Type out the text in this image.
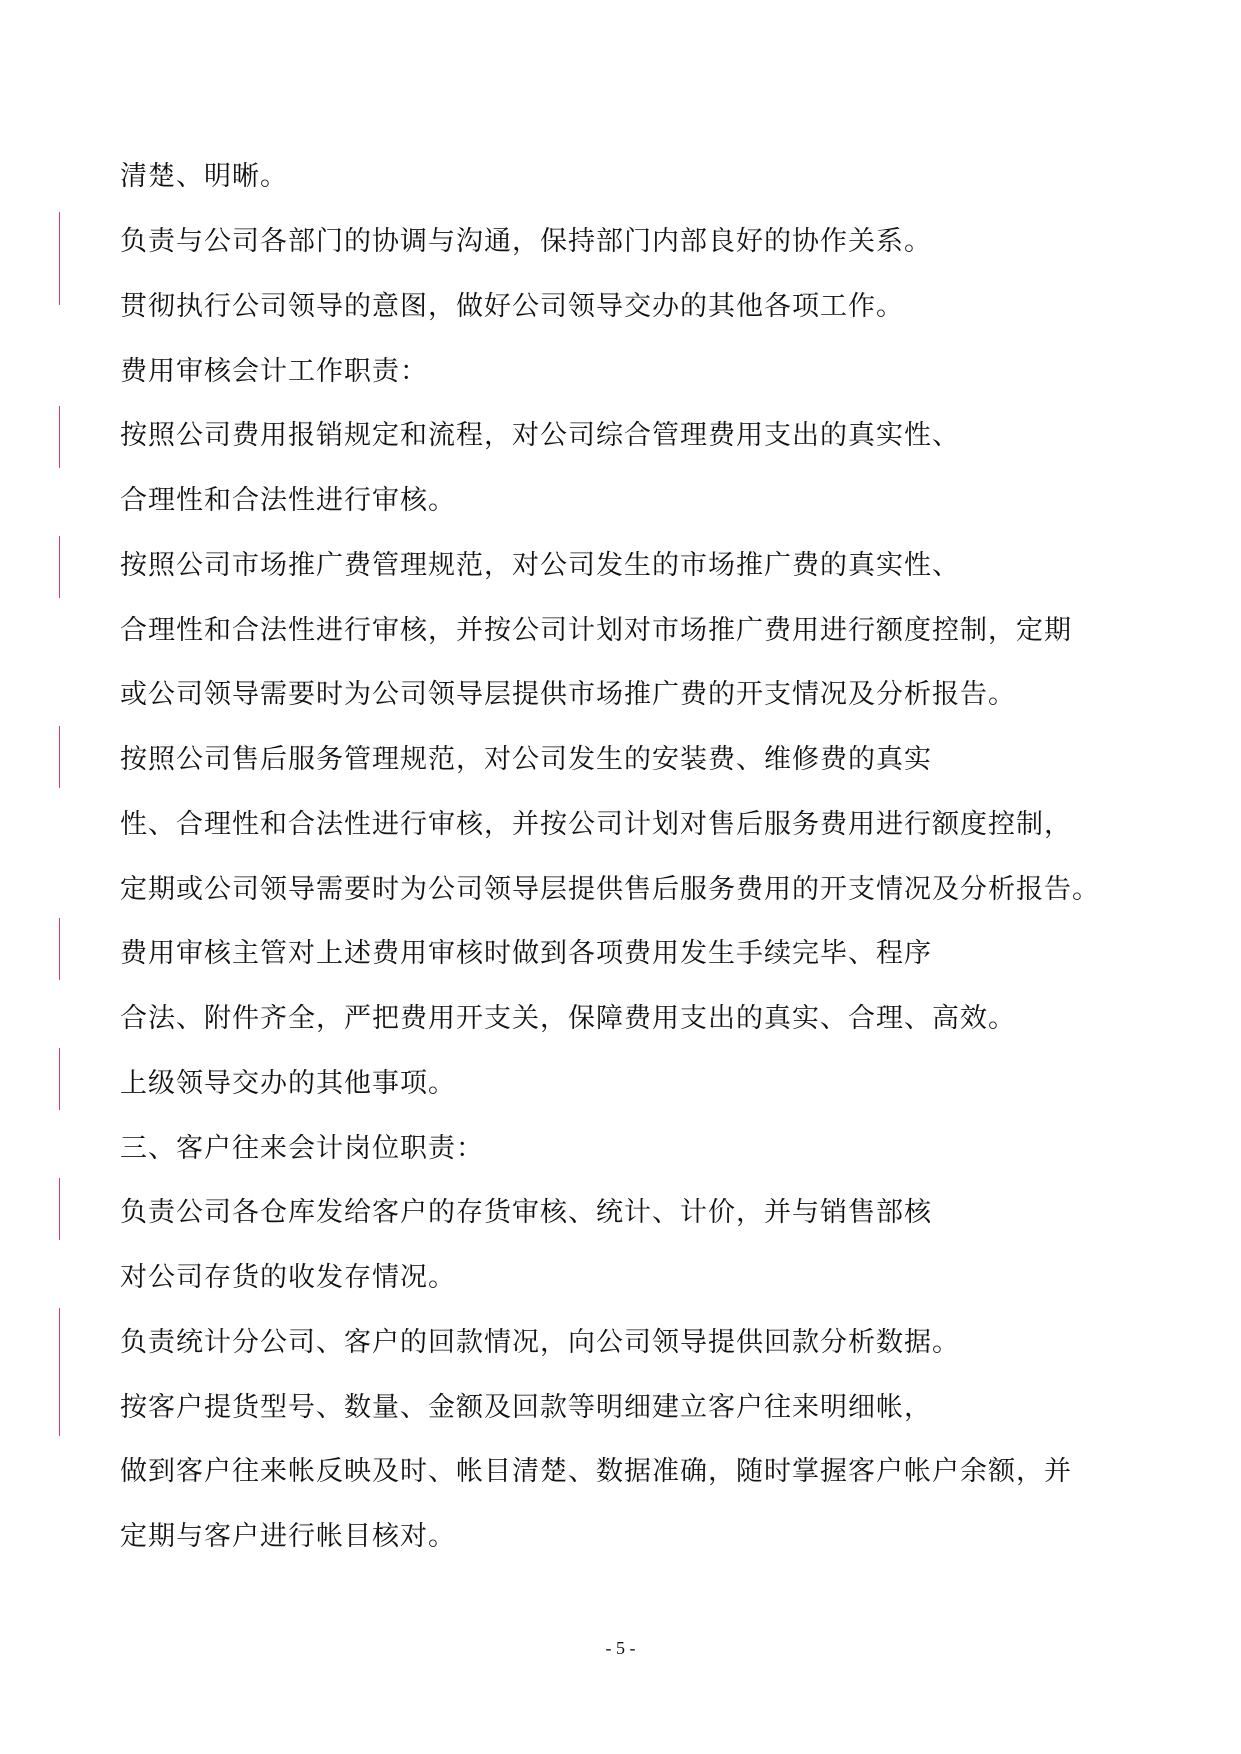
清楚、明晰。
负责与公司各部门的协调与沟通，保持部门内部良好的协作关系。
贯彻执行公司领导的意图，做好公司领导交办的其他各项工作。
费用审核会计工作职责：
按照公司费用报销规定和流程，对公司综合管理费用支出的真实性、
合理性和合法性进行审核。
按照公司市场推广费管理规范，对公司发生的市场推广费的真实性、
合理性和合法性进行审核，并按公司计划对市场推广费用进行额度控制，定期
或公司领导需要时为公司领导层提供市场推广费的开支情况及分析报告。
按照公司售后服务管理规范，对公司发生的安装费、维修费的真实
性、合理性和合法性进行审核，并按公司计划对售后服务费用进行额度控制，
定期或公司领导需要时为公司领导层提供售后服务费用的开支情况及分析报告。
费用审核主管对上述费用审核时做到各项费用发生手续完毕、程序
合法、附件齐全，严把费用开支关，保障费用支出的真实、合理、高效。
上级领导交办的其他事项。
三、客户往来会计岗位职责：
负责公司各仓库发给客户的存货审核、统计、计价，并与销售部核
对公司存货的收发存情况。
负责统计分公司、客户的回款情况，向公司领导提供回款分析数据。
按客户提货型号、数量、金额及回款等明细建立客户往来明细帐，
做到客户往来帐反映及时、帐目清楚、数据准确，随时掌握客户帐户余额，并
定期与客户进行帐目核对。
- 5 -
